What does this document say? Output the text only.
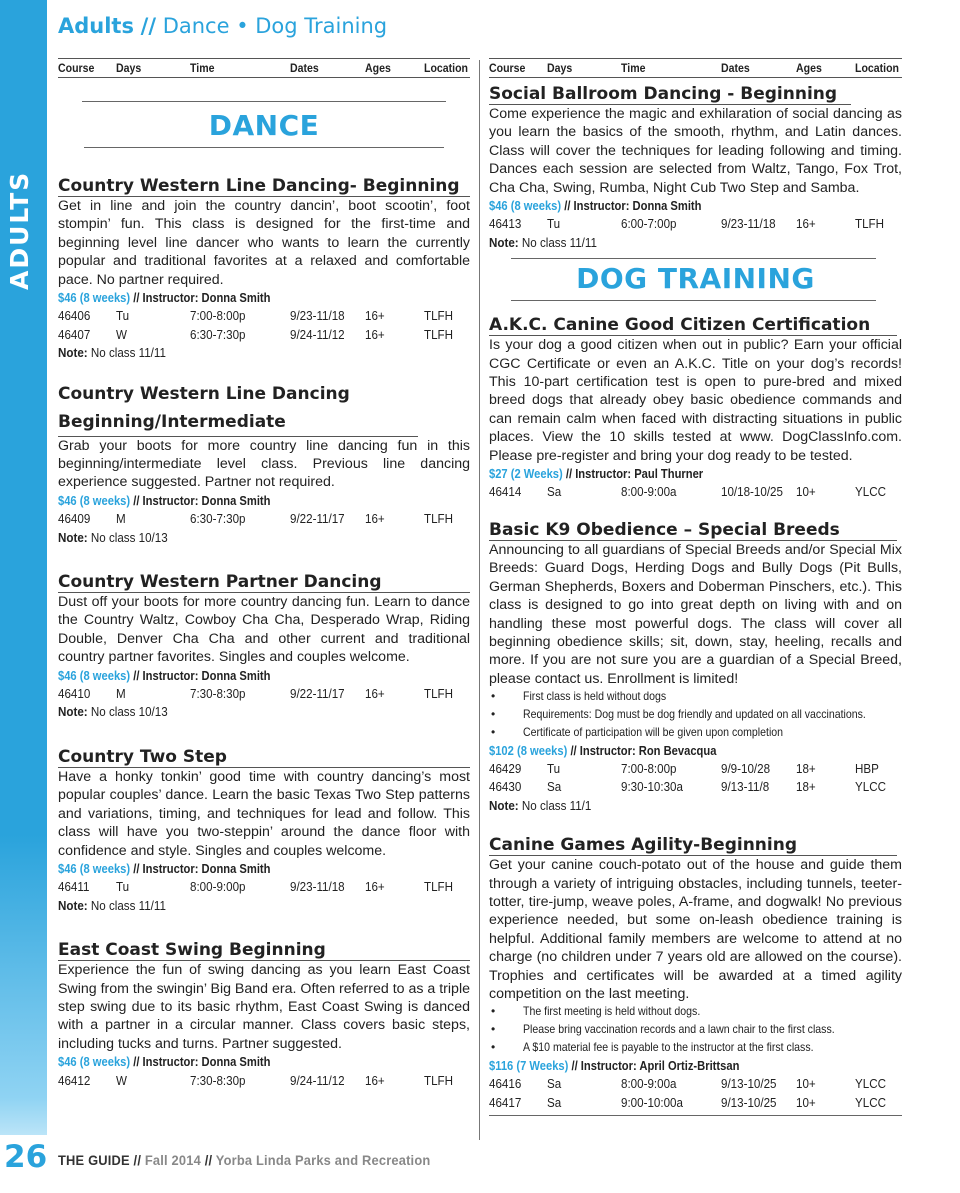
ADULTS
26
Adults // Dance • Dog Training
Course Days	Time	Dates	Ages	Location
DANCE
Country Western Line Dancing- Beginning
Get in line and join the country dancin’, boot scootin’, foot stompin’ fun. This class is designed for the first-time and beginning level line dancer who wants to learn the currently popular and traditional favorites at a relaxed and comfortable pace. No partner required.
$46 (8 weeks) // Instructor: Donna Smith
46406 Tu	7:00-8:00p	9/23-11/18 16+	TLFH
46407 W	6:30-7:30p	9/24-11/12 16+	TLFH
Note: No class 11/11
Country Western Line Dancing
Beginning/Intermediate
Grab your boots for more country line dancing fun in this beginning/intermediate level class. Previous line dancing experience suggested. Partner not required.
$46 (8 weeks) // Instructor: Donna Smith
46409 M	6:30-7:30p	9/22-11/17 16+	TLFH
Note: No class 10/13
Country Western Partner Dancing
Dust off your boots for more country dancing fun. Learn to dance the Country Waltz, Cowboy Cha Cha, Desperado Wrap, Riding Double, Denver Cha Cha and other current and traditional country partner favorites. Singles and couples welcome.
$46 (8 weeks) // Instructor: Donna Smith
46410 M	7:30-8:30p	9/22-11/17 16+	TLFH
Note: No class 10/13
Country Two Step
Have a honky tonkin’ good time with country dancing’s most popular couples’ dance. Learn the basic Texas Two Step patterns and variations, timing, and techniques for lead and follow. This class will have you two-steppin’ around the dance floor with confidence and style. Singles and couples welcome.
$46 (8 weeks) // Instructor: Donna Smith
46411 Tu	8:00-9:00p	9/23-11/18 16+	TLFH
Note: No class 11/11
East Coast Swing Beginning
Experience the fun of swing dancing as you learn East Coast Swing from the swingin’ Big Band era. Often referred to as a triple step swing due to its basic rhythm, East Coast Swing is danced with a partner in a circular manner. Class covers basic steps, including tucks and turns. Partner suggested.
$46 (8 weeks) // Instructor: Donna Smith
46412 W	7:30-8:30p	9/24-11/12 16+	TLFH
Course Days	Time	Dates	Ages	Location
Social Ballroom Dancing - Beginning
Come experience the magic and exhilaration of social dancing as you learn the basics of the smooth, rhythm, and Latin dances. Class will cover the techniques for leading following and timing. Dances each session are selected from Waltz, Tango, Fox Trot, Cha Cha, Swing, Rumba, Night Cub Two Step and Samba.
$46 (8 weeks) // Instructor: Donna Smith
46413 Tu	6:00-7:00p	9/23-11/18 16+	TLFH
Note: No class 11/11
DOG TRAINING
A.K.C. Canine Good Citizen Certification
Is your dog a good citizen when out in public? Earn your official CGC Certificate or even an A.K.C. Title on your dog’s records! This 10-part certification test is open to pure-bred and mixed breed dogs that already obey basic obedience commands and can remain calm when faced with distracting situations in public places. View the 10 skills tested at www. DogClassInfo.com. Please pre-register and bring your dog ready to be tested.
$27 (2 Weeks) // Instructor: Paul Thurner
46414 Sa	8:00-9:00a	10/18-10/25 10+	YLCC
Basic K9 Obedience – Special Breeds
Announcing to all guardians of Special Breeds and/or Special Mix Breeds: Guard Dogs, Herding Dogs and Bully Dogs (Pit Bulls, German Shepherds, Boxers and Doberman Pinschers, etc.). This class is designed to go into great depth on living with and on handling these most powerful dogs. The class will cover all beginning obedience skills; sit, down, stay, heeling, recalls and more. If you are not sure you are a guardian of a Special Breed, please contact us. Enrollment is limited!
• First class is held without dogs
• Requirements: Dog must be dog friendly and updated on all vaccinations.
• Certificate of participation will be given upon completion
$102 (8 weeks) // Instructor: Ron Bevacqua
46429 Tu	7:00-8:00p	9/9-10/28 18+	HBP
46430 Sa	9:30-10:30a	9/13-11/8 18+	YLCC
Note: No class 11/1
Canine Games Agility-Beginning
Get your canine couch-potato out of the house and guide them through a variety of intriguing obstacles, including tunnels, teeter-totter, tire-jump, weave poles, A-frame, and dogwalk! No previous experience needed, but some on-leash obedience training is helpful. Additional family members are welcome to attend at no charge (no children under 7 years old are allowed on the course). Trophies and certificates will be awarded at a timed agility competition on the last meeting.
• The first meeting is held without dogs.
• Please bring vaccination records and a lawn chair to the first class.
• A $10 material fee is payable to the instructor at the first class.
$116 (7 Weeks) // Instructor: April Ortiz-Brittsan
46416 Sa	8:00-9:00a	9/13-10/25 10+	YLCC
46417 Sa	9:00-10:00a	9/13-10/25 10+	YLCC
THE GUIDE // Fall 2014 // Yorba Linda Parks and Recreation
